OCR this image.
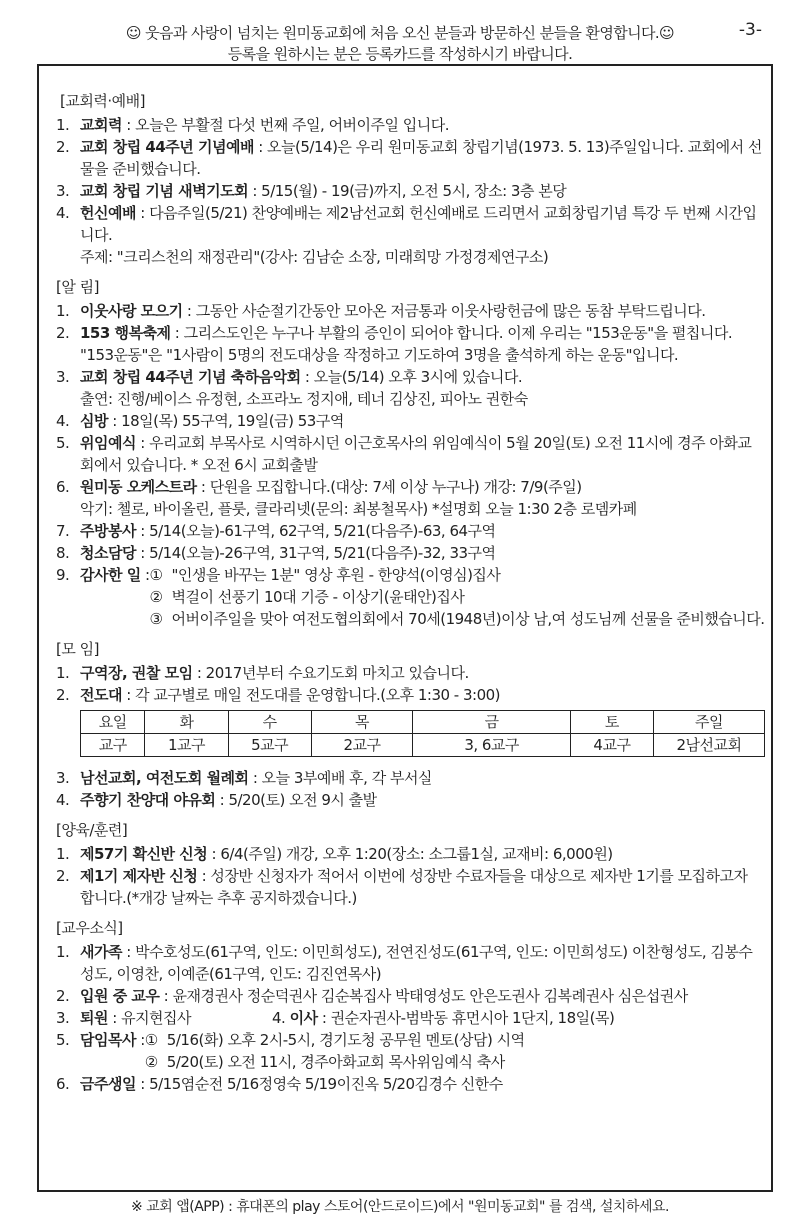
☺ 웃음과 사랑이 넘치는 원미동교회에 처음 오신 분들과 방문하신 분들을 환영합니다.☺
등록을 원하시는 분은 등록카드를 작성하시기 바랍니다.
-3-
[교회력·예배]
1. 교회력 : 오늘은 부활절 다섯 번째 주일, 어버이주일 입니다.
2. 교회 창립 44주년 기념예배 : 오늘(5/14)은 우리 원미동교회 창립기념(1973. 5. 13)주일입니다. 교회에서 선물을 준비했습니다.
3. 교회 창립 기념 새벽기도회 : 5/15(월) - 19(금)까지, 오전 5시, 장소: 3층 본당
4. 헌신예배 : 다음주일(5/21) 찬양예배는 제2남선교회 헌신예배로 드리면서 교회창립기념 특강 두 번째 시간입니다.
주제: "크리스천의 재정관리"(강사: 김남순 소장, 미래희망 가정경제연구소)
[알 림]
1. 이웃사랑 모으기 : 그동안 사순절기간동안 모아온 저금통과 이웃사랑헌금에 많은 동참 부탁드립니다.
2. 153 행복축제 : 그리스도인은 누구나 부활의 증인이 되어야 합니다. 이제 우리는 "153운동"을 펼칩니다. "153운동"은 "1사람이 5명의 전도대상을 작정하고 기도하여 3명을 출석하게 하는 운동"입니다.
3. 교회 창립 44주년 기념 축하음악회 : 오늘(5/14) 오후 3시에 있습니다.
출연: 진행/베이스 유정현, 소프라노 정지애, 테너 김상진, 피아노 권한숙
4. 심방 : 18일(목) 55구역, 19일(금) 53구역
5. 위임예식 : 우리교회 부목사로 시역하시던 이근호목사의 위임예식이 5월 20일(토) 오전 11시에 경주 아화교회에서 있습니다. * 오전 6시 교회출발
6. 원미동 오케스트라 : 단원을 모집합니다.(대상: 7세 이상 누구나) 개강: 7/9(주일)
악기: 첼로, 바이올린, 플룻, 클라리넷(문의: 최봉철목사) *설명회 오늘 1:30 2층 로뎀카페
7. 주방봉사 : 5/14(오늘)-61구역, 62구역, 5/21(다음주)-63, 64구역
8. 청소담당 : 5/14(오늘)-26구역, 31구역, 5/21(다음주)-32, 33구역
9. 감사한 일 : ① "인생을 바꾸는 1분" 영상 후원 - 한양석(이영심)집사
② 벽걸이 선풍기 10대 기증 - 이상기(윤태안)집사
③ 어버이주일을 맞아 여전도협의회에서 70세(1948년)이상 남,여 성도님께 선물을 준비했습니다.
[모 임]
1. 구역장, 권찰 모임 : 2017년부터 수요기도회 마치고 있습니다.
2. 전도대 : 각 교구별로 매일 전도대를 운영합니다.(오후 1:30 - 3:00)
요일	화	수	목	금	토	주일
교구	1교구	5교구	2교구	3, 6교구	4교구	2남선교회
3. 남선교회, 여전도회 월례회 : 오늘 3부예배 후, 각 부서실
4. 주향기 찬양대 야유회 : 5/20(토) 오전 9시 출발
[양육/훈련]
1. 제57기 확신반 신청 : 6/4(주일) 개강, 오후 1:20(장소: 소그룹1실, 교재비: 6,000원)
2. 제1기 제자반 신청 : 성장반 신청자가 적어서 이번에 성장반 수료자들을 대상으로 제자반 1기를 모집하고자 합니다.(*개강 날짜는 추후 공지하겠습니다.)
[교우소식]
1. 새가족 : 박수호성도(61구역, 인도: 이민희성도), 전연진성도(61구역, 인도: 이민희성도) 이찬형성도, 김봉수성도, 이영찬, 이예준(61구역, 인도: 김진연목사)
2. 입원 중 교우 : 윤재경권사 정순덕권사 김순복집사 박태영성도 안은도권사 김복례권사 심은섭권사
3. 퇴원 : 유지현집사	4. 이사 : 권순자권사-범박동 휴먼시아 1단지, 18일(목)
5. 담임목사 : ① 5/16(화) 오후 2시-5시, 경기도청 공무원 멘토(상담) 시역
② 5/20(토) 오전 11시, 경주아화교회 목사위임예식 축사
6. 금주생일 : 5/15염순전 5/16정영숙 5/19이진옥 5/20김경수 신한수
※ 교회 앱(APP) : 휴대폰의 play 스토어(안드로이드)에서 "원미동교회" 를 검색, 설치하세요.
